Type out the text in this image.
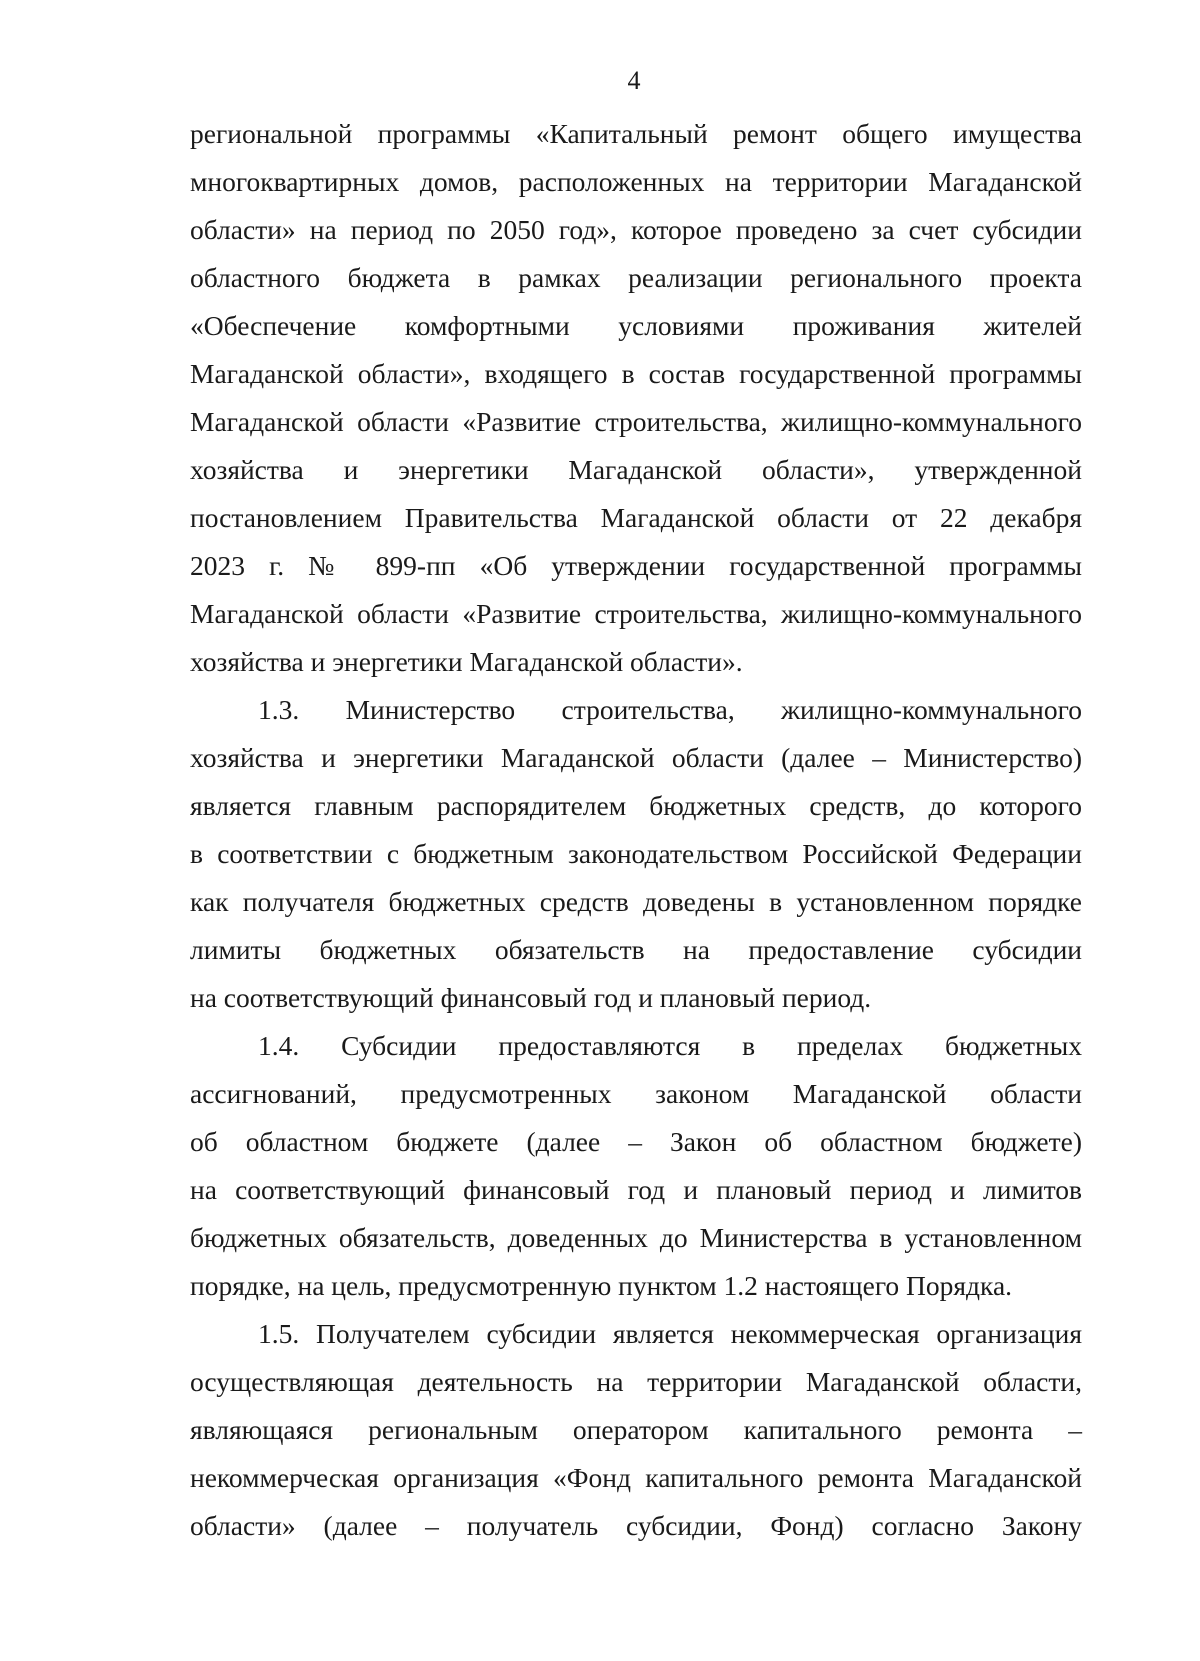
4
региональной программы «Капитальный ремонт общего имущества
многоквартирных домов, расположенных на территории Магаданской
области» на период по 2050 год», которое проведено за счет субсидии
областного бюджета в рамках реализации регионального проекта
«Обеспечение комфортными условиями проживания жителей
Магаданской области», входящего в состав государственной программы
Магаданской области «Развитие строительства, жилищно-коммунального
хозяйства и энергетики Магаданской области», утвержденной
постановлением Правительства Магаданской области от 22 декабря
2023 г. № 899-пп «Об утверждении государственной программы
Магаданской области «Развитие строительства, жилищно-коммунального
хозяйства и энергетики Магаданской области».
1.3. Министерство строительства, жилищно-коммунального
хозяйства и энергетики Магаданской области (далее – Министерство)
является главным распорядителем бюджетных средств, до которого
в соответствии с бюджетным законодательством Российской Федерации
как получателя бюджетных средств доведены в установленном порядке
лимиты бюджетных обязательств на предоставление субсидии
на соответствующий финансовый год и плановый период.
1.4. Субсидии предоставляются в пределах бюджетных
ассигнований, предусмотренных законом Магаданской области
об областном бюджете (далее – Закон об областном бюджете)
на соответствующий финансовый год и плановый период и лимитов
бюджетных обязательств, доведенных до Министерства в установленном
порядке, на цель, предусмотренную пунктом 1.2 настоящего Порядка.
1.5. Получателем субсидии является некоммерческая организация
осуществляющая деятельность на территории Магаданской области,
являющаяся региональным оператором капитального ремонта –
некоммерческая организация «Фонд капитального ремонта Магаданской
области» (далее – получатель субсидии, Фонд) согласно Закону
